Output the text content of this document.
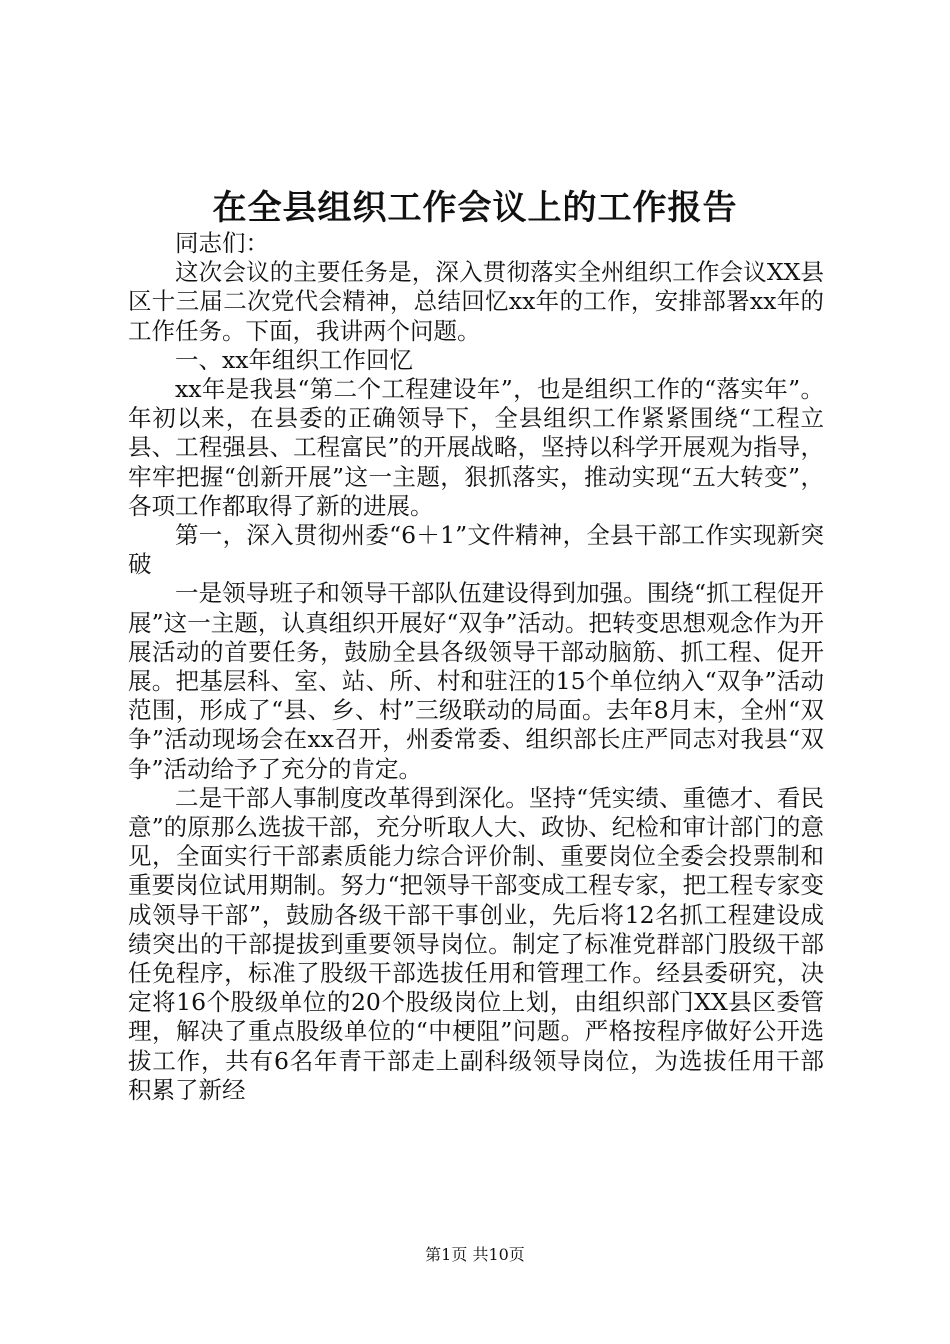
在全县组织工作会议上的工作报告

同志们：

这次会议的主要任务是，深入贯彻落实全州组织工作会议XX县区十三届二次党代会精神，总结回忆xx年的工作，安排部署xx年的工作任务。下面，我讲两个问题。

一、xx年组织工作回忆

xx年是我县“第二个工程建设年”，也是组织工作的“落实年”。年初以来，在县委的正确领导下，全县组织工作紧紧围绕“工程立县、工程强县、工程富民”的开展战略，坚持以科学开展观为指导，牢牢把握“创新开展”这一主题，狠抓落实，推动实现“五大转变”，各项工作都取得了新的进展。

第一，深入贯彻州委“6＋1”文件精神，全县干部工作实现新突破

一是领导班子和领导干部队伍建设得到加强。围绕“抓工程促开展”这一主题，认真组织开展好“双争”活动。把转变思想观念作为开展活动的首要任务，鼓励全县各级领导干部动脑筋、抓工程、促开展。把基层科、室、站、所、村和驻汪的15个单位纳入“双争”活动范围，形成了“县、乡、村”三级联动的局面。去年8月末，全州“双争”活动现场会在xx召开，州委常委、组织部长庄严同志对我县“双争”活动给予了充分的肯定。

二是干部人事制度改革得到深化。坚持“凭实绩、重德才、看民意”的原那么选拔干部，充分听取人大、政协、纪检和审计部门的意见，全面实行干部素质能力综合评价制、重要岗位全委会投票制和重要岗位试用期制。努力“把领导干部变成工程专家，把工程专家变成领导干部”，鼓励各级干部干事创业，先后将12名抓工程建设成绩突出的干部提拔到重要领导岗位。制定了标准党群部门股级干部任免程序，标准了股级干部选拔任用和管理工作。经县委研究，决定将16个股级单位的20个股级岗位上划，由组织部门XX县区委管理，解决了重点股级单位的“中梗阻”问题。严格按程序做好公开选拔工作，共有6名年青干部走上副科级领导岗位，为选拔任用干部积累了新经

第1页 共10页
